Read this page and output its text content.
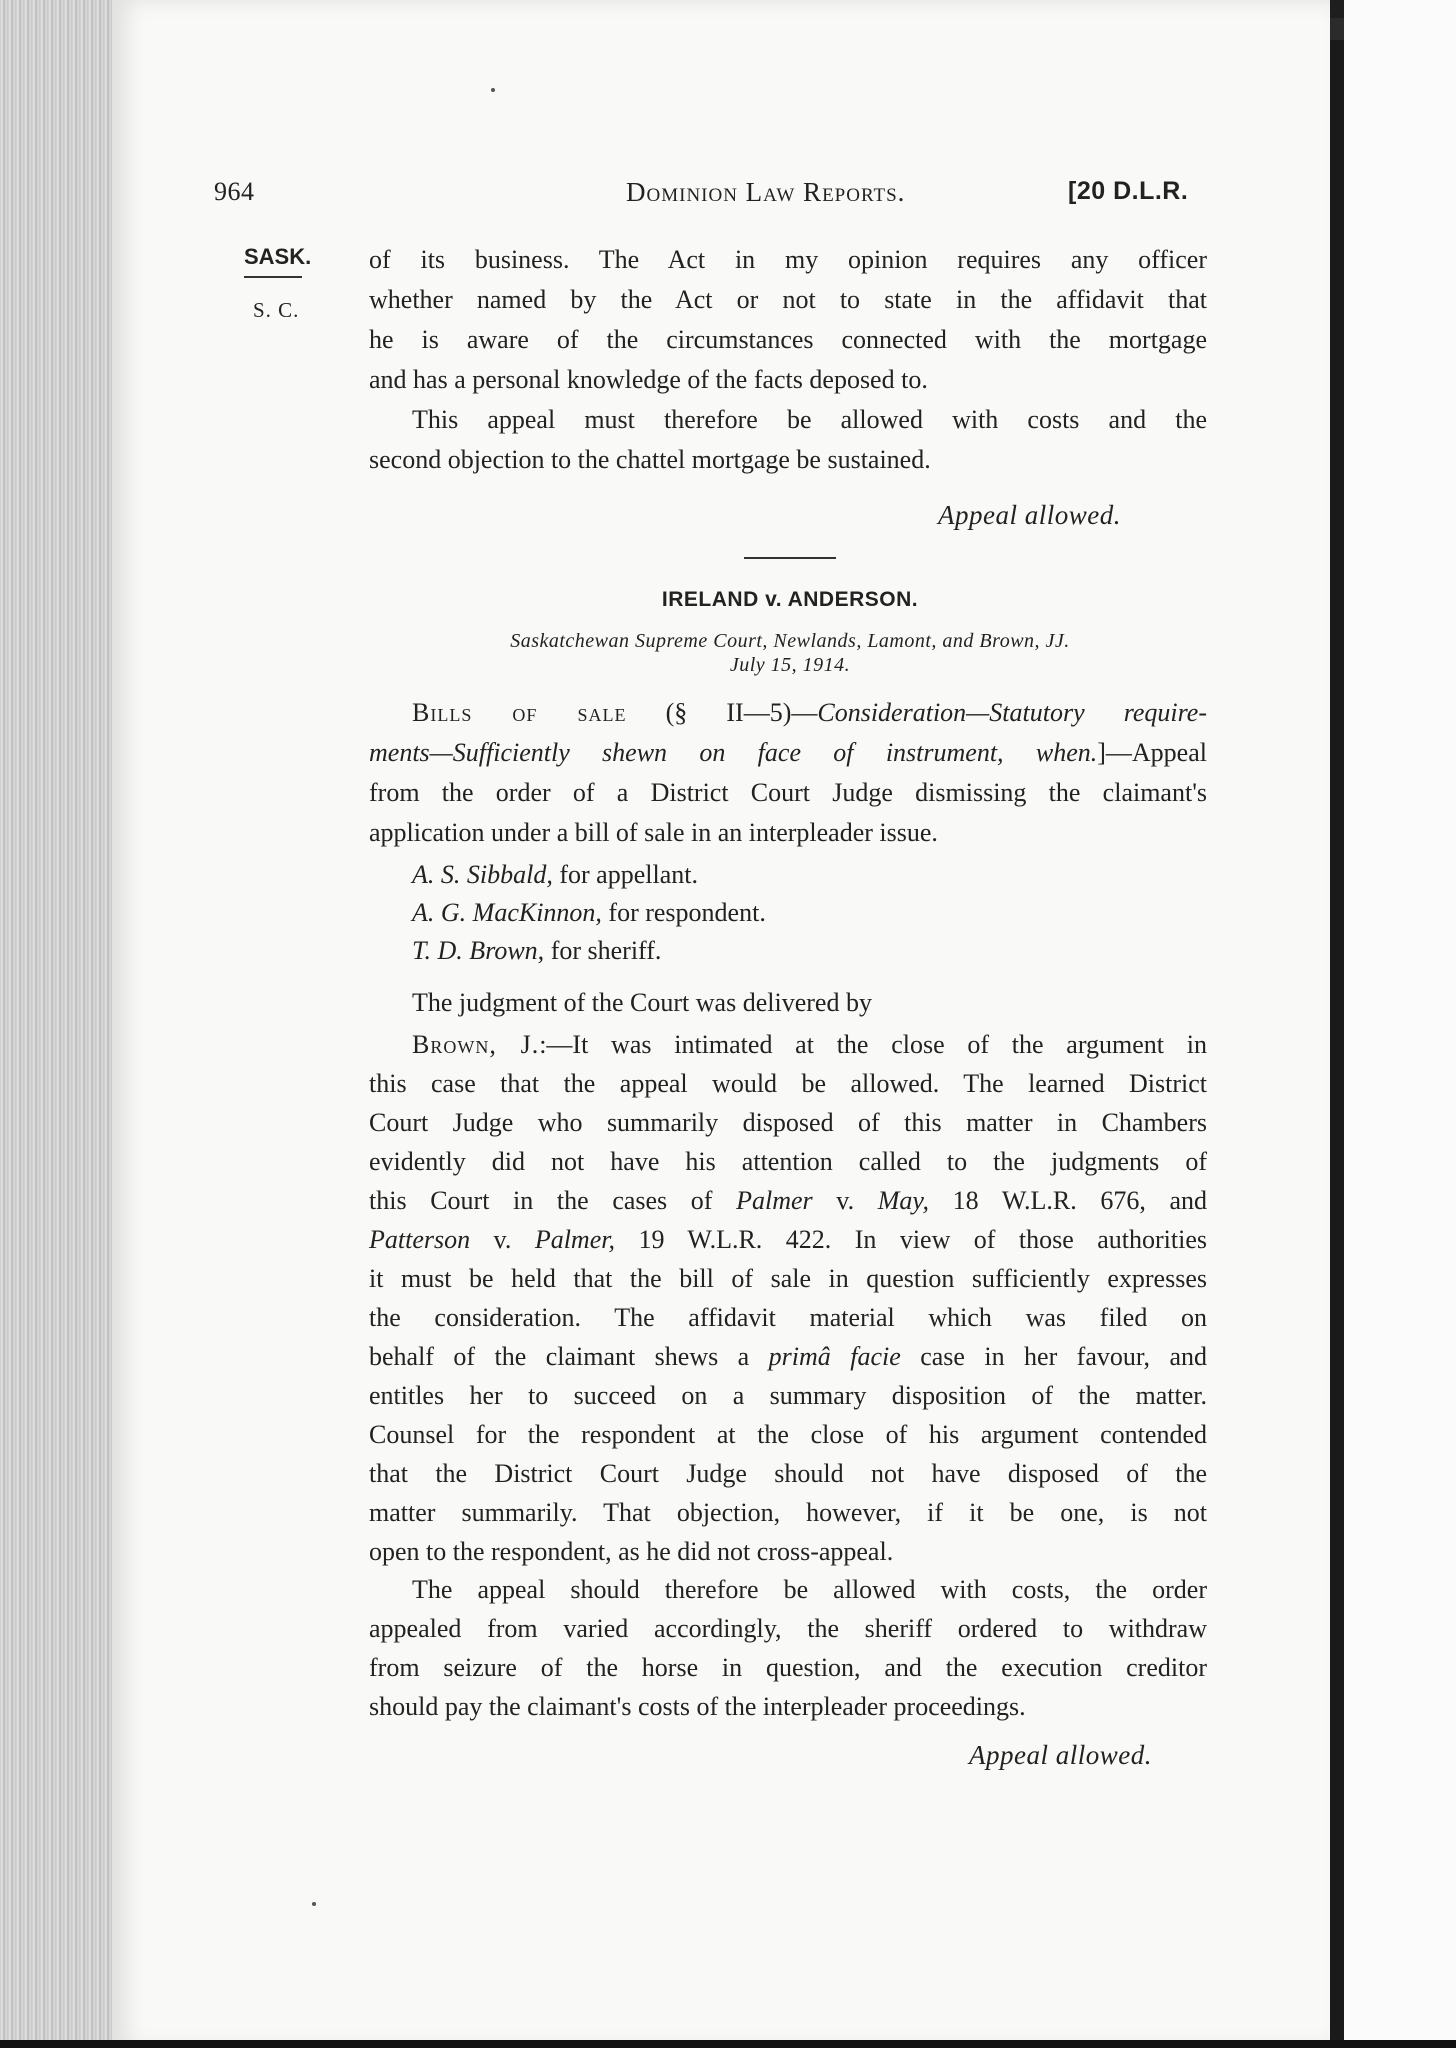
964	Dominion Law Reports.	[20 D.L.R.
SASK.
S. C.
of its business. The Act in my opinion requires any officer
whether named by the Act or not to state in the affidavit that
he is aware of the circumstances connected with the mortgage
and has a personal knowledge of the facts deposed to.
This appeal must therefore be allowed with costs and the
second objection to the chattel mortgage be sustained.
Appeal allowed.
IRELAND v. ANDERSON.
Saskatchewan Supreme Court, Newlands, Lamont, and Brown, JJ.
July 15, 1914.
Bills of sale (§ II—5)—Consideration—Statutory require-
ments—Sufficiently shewn on face of instrument, when.]—Appeal
from the order of a District Court Judge dismissing the claimant's
application under a bill of sale in an interpleader issue.
A. S. Sibbald, for appellant.
A. G. MacKinnon, for respondent.
T. D. Brown, for sheriff.
The judgment of the Court was delivered by
Brown, J.:—It was intimated at the close of the argument in
this case that the appeal would be allowed. The learned District
Court Judge who summarily disposed of this matter in Chambers
evidently did not have his attention called to the judgments of
this Court in the cases of Palmer v. May, 18 W.L.R. 676, and
Patterson v. Palmer, 19 W.L.R. 422. In view of those authorities
it must be held that the bill of sale in question sufficiently expresses
the consideration. The affidavit material which was filed on
behalf of the claimant shews a primâ facie case in her favour, and
entitles her to succeed on a summary disposition of the matter.
Counsel for the respondent at the close of his argument contended
that the District Court Judge should not have disposed of the
matter summarily. That objection, however, if it be one, is not
open to the respondent, as he did not cross-appeal.
The appeal should therefore be allowed with costs, the order
appealed from varied accordingly, the sheriff ordered to withdraw
from seizure of the horse in question, and the execution creditor
should pay the claimant's costs of the interpleader proceedings.
Appeal allowed.
